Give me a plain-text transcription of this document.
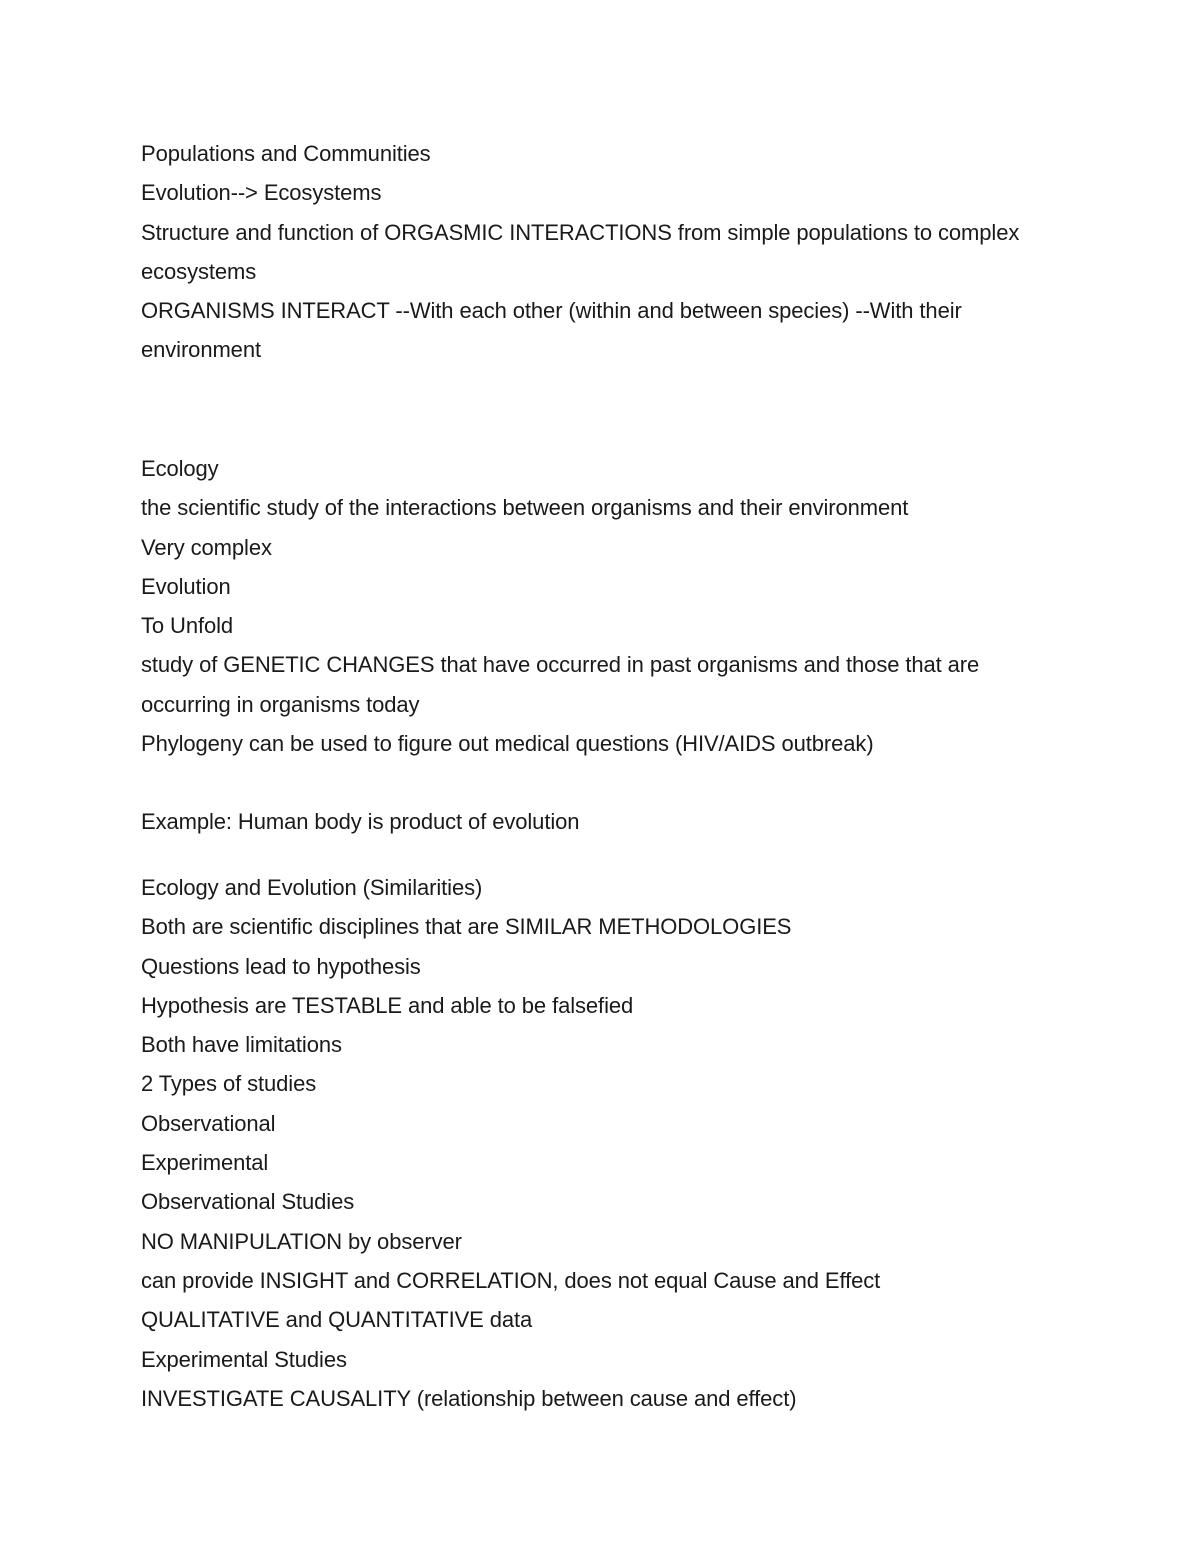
Populations and Communities
Evolution--> Ecosystems
Structure and function of ORGASMIC INTERACTIONS from simple populations to complex ecosystems
ORGANISMS INTERACT --With each other (within and between species) --With their environment
Ecology
the scientific study of the interactions between organisms and their environment
Very complex
Evolution
To Unfold
study of GENETIC CHANGES that have occurred in past organisms and those that are occurring in organisms today
Phylogeny can be used to figure out medical questions (HIV/AIDS outbreak)
Example: Human body is product of evolution
Ecology and Evolution (Similarities)
Both are scientific disciplines that are SIMILAR METHODOLOGIES
Questions lead to hypothesis
Hypothesis are TESTABLE and able to be falsefied
Both have limitations
2 Types of studies
Observational
Experimental
Observational Studies
NO MANIPULATION by observer
can provide INSIGHT and CORRELATION, does not equal Cause and Effect
QUALITATIVE and QUANTITATIVE data
Experimental Studies
INVESTIGATE CAUSALITY (relationship between cause and effect)
